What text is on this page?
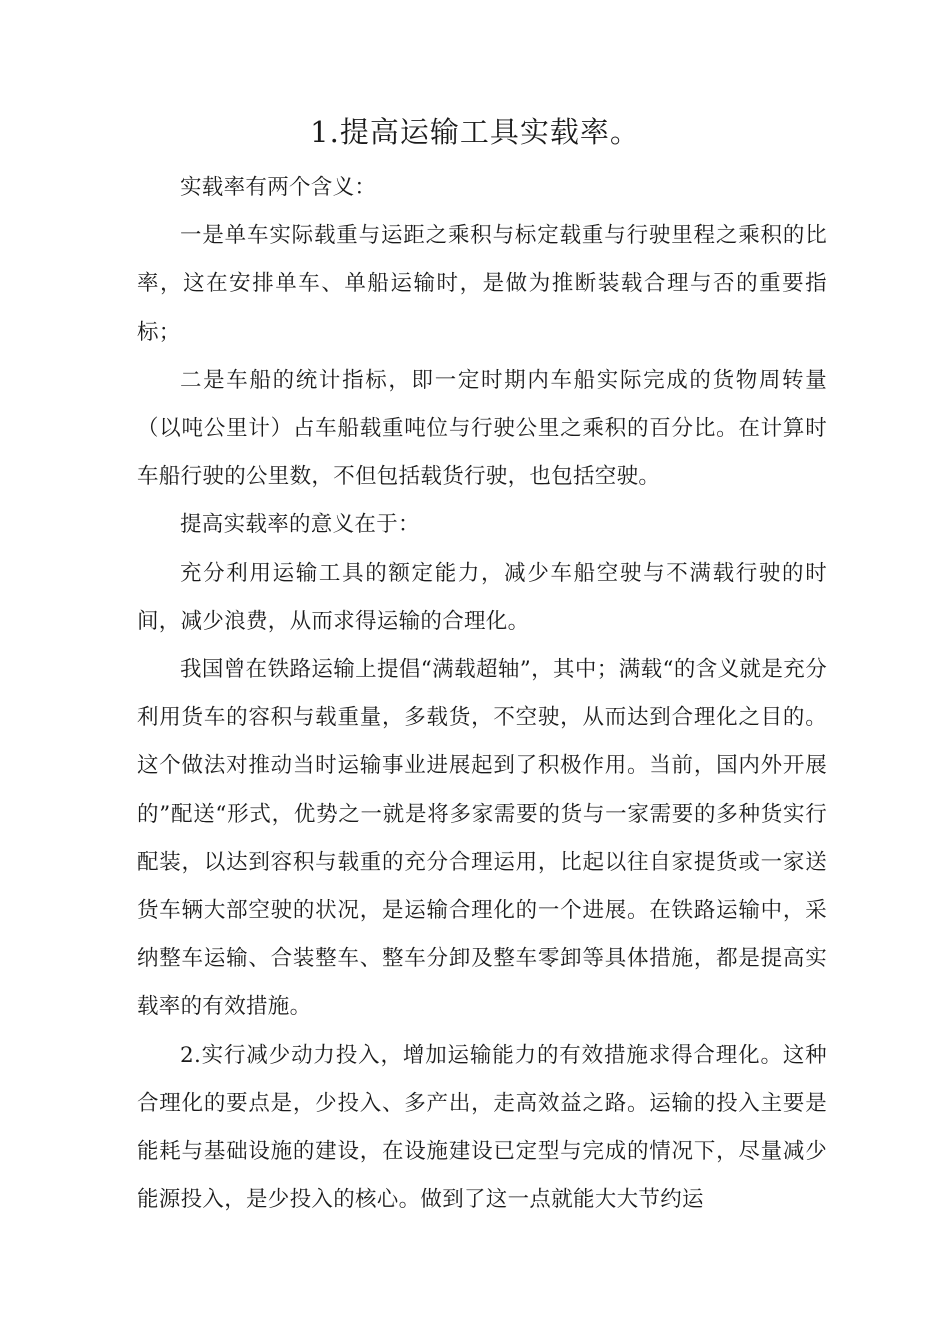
1.提高运输工具实载率。

实载率有两个含义：

一是单车实际载重与运距之乘积与标定载重与行驶里程之乘积的比率，这在安排单车、单船运输时，是做为推断装载合理与否的重要指标；

二是车船的统计指标，即一定时期内车船实际完成的货物周转量（以吨公里计）占车船载重吨位与行驶公里之乘积的百分比。在计算时车船行驶的公里数，不但包括载货行驶，也包括空驶。

提高实载率的意义在于：

充分利用运输工具的额定能力，减少车船空驶与不满载行驶的时间，减少浪费，从而求得运输的合理化。

我国曾在铁路运输上提倡“满载超轴”，其中；满载“的含义就是充分利用货车的容积与载重量，多载货，不空驶，从而达到合理化之目的。这个做法对推动当时运输事业进展起到了积极作用。当前，国内外开展的”配送“形式，优势之一就是将多家需要的货与一家需要的多种货实行配装，以达到容积与载重的充分合理运用，比起以往自家提货或一家送货车辆大部空驶的状况，是运输合理化的一个进展。在铁路运输中，采纳整车运输、合装整车、整车分卸及整车零卸等具体措施，都是提高实载率的有效措施。

2.实行减少动力投入，增加运输能力的有效措施求得合理化。这种合理化的要点是，少投入、多产出，走高效益之路。运输的投入主要是能耗与基础设施的建设，在设施建设已定型与完成的情况下，尽量减少能源投入，是少投入的核心。做到了这一点就能大大节约运
